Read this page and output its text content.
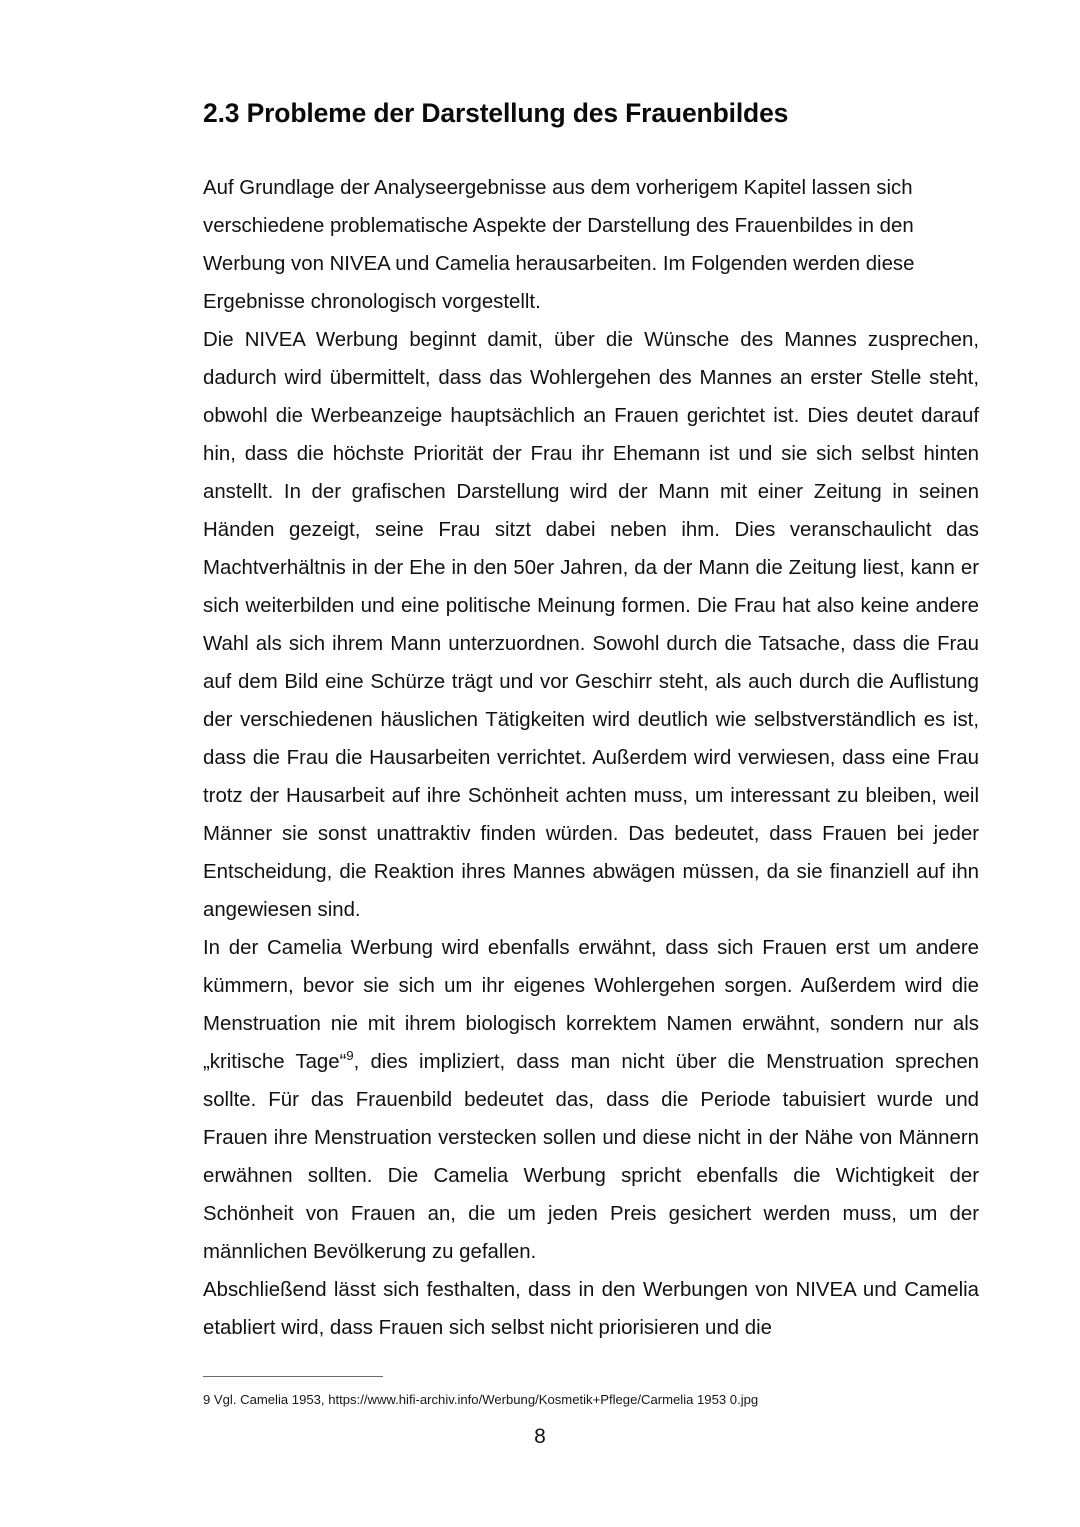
2.3 Probleme der Darstellung des Frauenbildes

Auf Grundlage der Analyseergebnisse aus dem vorherigem Kapitel lassen sich verschiedene problematische Aspekte der Darstellung des Frauenbildes in den Werbung von NIVEA und Camelia herausarbeiten. Im Folgenden werden diese Ergebnisse chronologisch vorgestellt.

Die NIVEA Werbung beginnt damit, über die Wünsche des Mannes zusprechen, dadurch wird übermittelt, dass das Wohlergehen des Mannes an erster Stelle steht, obwohl die Werbeanzeige hauptsächlich an Frauen gerichtet ist. Dies deutet darauf hin, dass die höchste Priorität der Frau ihr Ehemann ist und sie sich selbst hinten anstellt. In der grafischen Darstellung wird der Mann mit einer Zeitung in seinen Händen gezeigt, seine Frau sitzt dabei neben ihm. Dies veranschaulicht das Machtverhältnis in der Ehe in den 50er Jahren, da der Mann die Zeitung liest, kann er sich weiterbilden und eine politische Meinung formen. Die Frau hat also keine andere Wahl als sich ihrem Mann unterzuordnen. Sowohl durch die Tatsache, dass die Frau auf dem Bild eine Schürze trägt und vor Geschirr steht, als auch durch die Auflistung der verschiedenen häuslichen Tätigkeiten wird deutlich wie selbstverständlich es ist, dass die Frau die Hausarbeiten verrichtet. Außerdem wird verwiesen, dass eine Frau trotz der Hausarbeit auf ihre Schönheit achten muss, um interessant zu bleiben, weil Männer sie sonst unattraktiv finden würden. Das bedeutet, dass Frauen bei jeder Entscheidung, die Reaktion ihres Mannes abwägen müssen, da sie finanziell auf ihn angewiesen sind.

In der Camelia Werbung wird ebenfalls erwähnt, dass sich Frauen erst um andere kümmern, bevor sie sich um ihr eigenes Wohlergehen sorgen. Außerdem wird die Menstruation nie mit ihrem biologisch korrektem Namen erwähnt, sondern nur als „kritische Tage“$^9$, dies impliziert, dass man nicht über die Menstruation sprechen sollte. Für das Frauenbild bedeutet das, dass die Periode tabuisiert wurde und Frauen ihre Menstruation verstecken sollen und diese nicht in der Nähe von Männern erwähnen sollten. Die Camelia Werbung spricht ebenfalls die Wichtigkeit der Schönheit von Frauen an, die um jeden Preis gesichert werden muss, um der männlichen Bevölkerung zu gefallen.

Abschließend lässt sich festhalten, dass in den Werbungen von NIVEA und Camelia etabliert wird, dass Frauen sich selbst nicht priorisieren und die

9 Vgl. Camelia 1953, https://www.hifi-archiv.info/Werbung/Kosmetik+Pflege/Carmelia 1953 0.jpg

8
